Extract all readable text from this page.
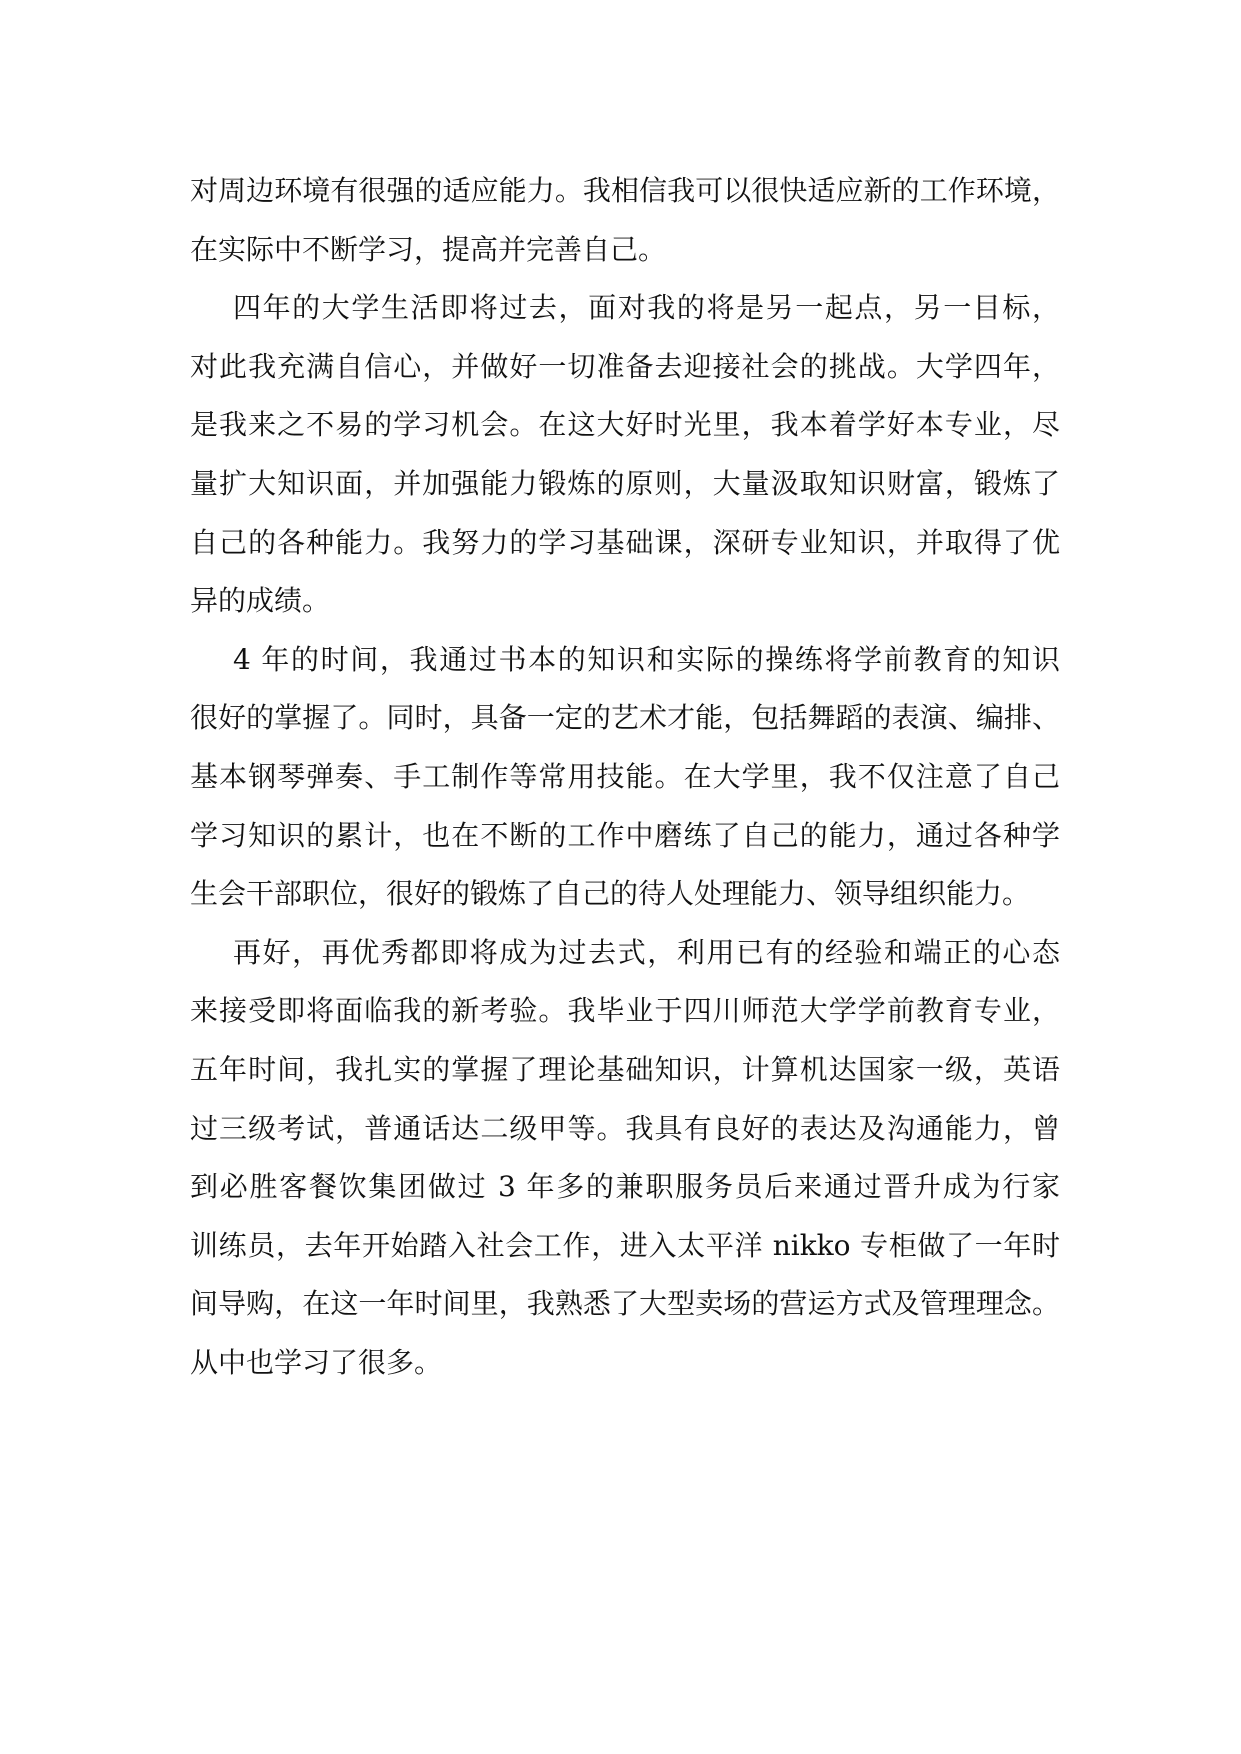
对周边环境有很强的适应能力。我相信我可以很快适应新的工作环境，
在实际中不断学习，提高并完善自己。
四年的大学生活即将过去，面对我的将是另一起点，另一目标，
对此我充满自信心，并做好一切准备去迎接社会的挑战。大学四年，
是我来之不易的学习机会。在这大好时光里，我本着学好本专业，尽
量扩大知识面，并加强能力锻炼的原则，大量汲取知识财富，锻炼了
自己的各种能力。我努力的学习基础课，深研专业知识，并取得了优
异的成绩。
4 年的时间，我通过书本的知识和实际的操练将学前教育的知识
很好的掌握了。同时，具备一定的艺术才能，包括舞蹈的表演、编排、
基本钢琴弹奏、手工制作等常用技能。在大学里，我不仅注意了自己
学习知识的累计，也在不断的工作中磨练了自己的能力，通过各种学
生会干部职位，很好的锻炼了自己的待人处理能力、领导组织能力。
再好，再优秀都即将成为过去式，利用已有的经验和端正的心态
来接受即将面临我的新考验。我毕业于四川师范大学学前教育专业，
五年时间，我扎实的掌握了理论基础知识，计算机达国家一级，英语
过三级考试，普通话达二级甲等。我具有良好的表达及沟通能力，曾
到必胜客餐饮集团做过 3 年多的兼职服务员后来通过晋升成为行家
训练员，去年开始踏入社会工作，进入太平洋 nikko 专柜做了一年时
间导购，在这一年时间里，我熟悉了大型卖场的营运方式及管理理念。
从中也学习了很多。
